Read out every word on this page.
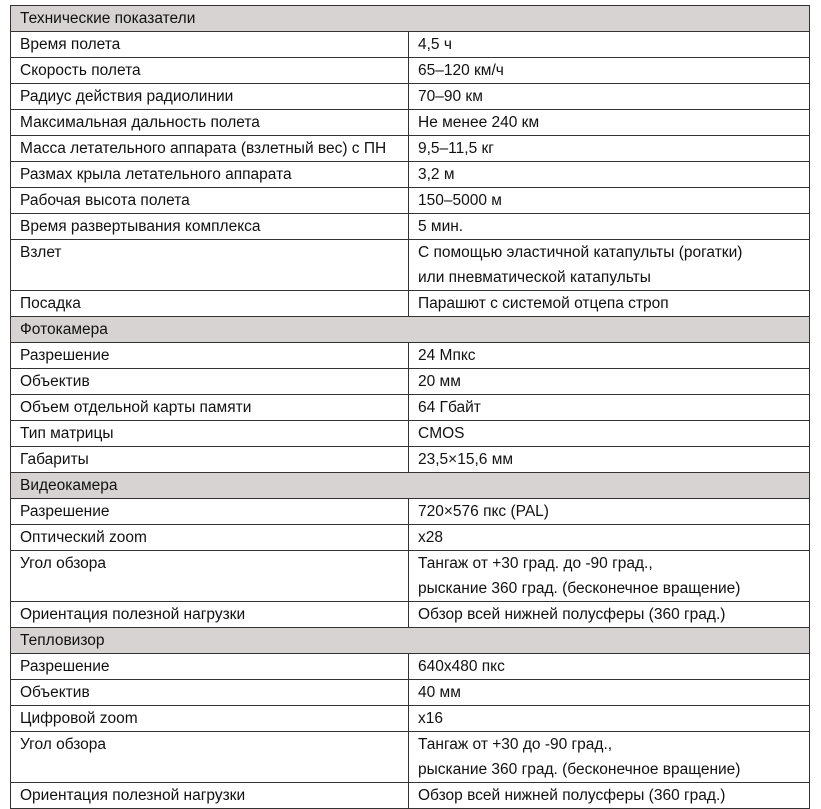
Технические показатели	
Время полета	4,5 ч

Скорость полета	65–120 км/ч

Радиус действия радиолинии	70–90 км

Максимальная дальность полета	Не менее 240 км

Масса летательного аппарата (взлетный вес) с ПН	9,5–11,5 кг

Размах крыла летательного аппарата	3,2 м

Рабочая высота полета	150–5000 м

Время развертывания комплекса	5 мин.

Взлет	С помощью эластичной катапульты (рогатки)
или пневматической катапульты

Посадка	Парашют с системой отцепа строп

Фотокамера	
Разрешение	24 Мпкс

Объектив	20 мм

Объем отдельной карты памяти	64 Гбайт

Тип матрицы	CMOS

Габариты	23,5×15,6 мм

Видеокамера	
Разрешение	720×576 пкс (PAL)

Оптический zoom	х28

Угол обзора	Тангаж от +30 град. до -90 град.,
рыскание 360 град. (бесконечное вращение)

Ориентация полезной нагрузки	Обзор всей нижней полусферы (360 град.)

Тепловизор	
Разрешение	640х480 пкс

Объектив	40 мм

Цифровой zoom	х16

Угол обзора	Тангаж от +30 до -90 град.,
рыскание 360 град. (бесконечное вращение)

Ориентация полезной нагрузки	Обзор всей нижней полусферы (360 град.)
